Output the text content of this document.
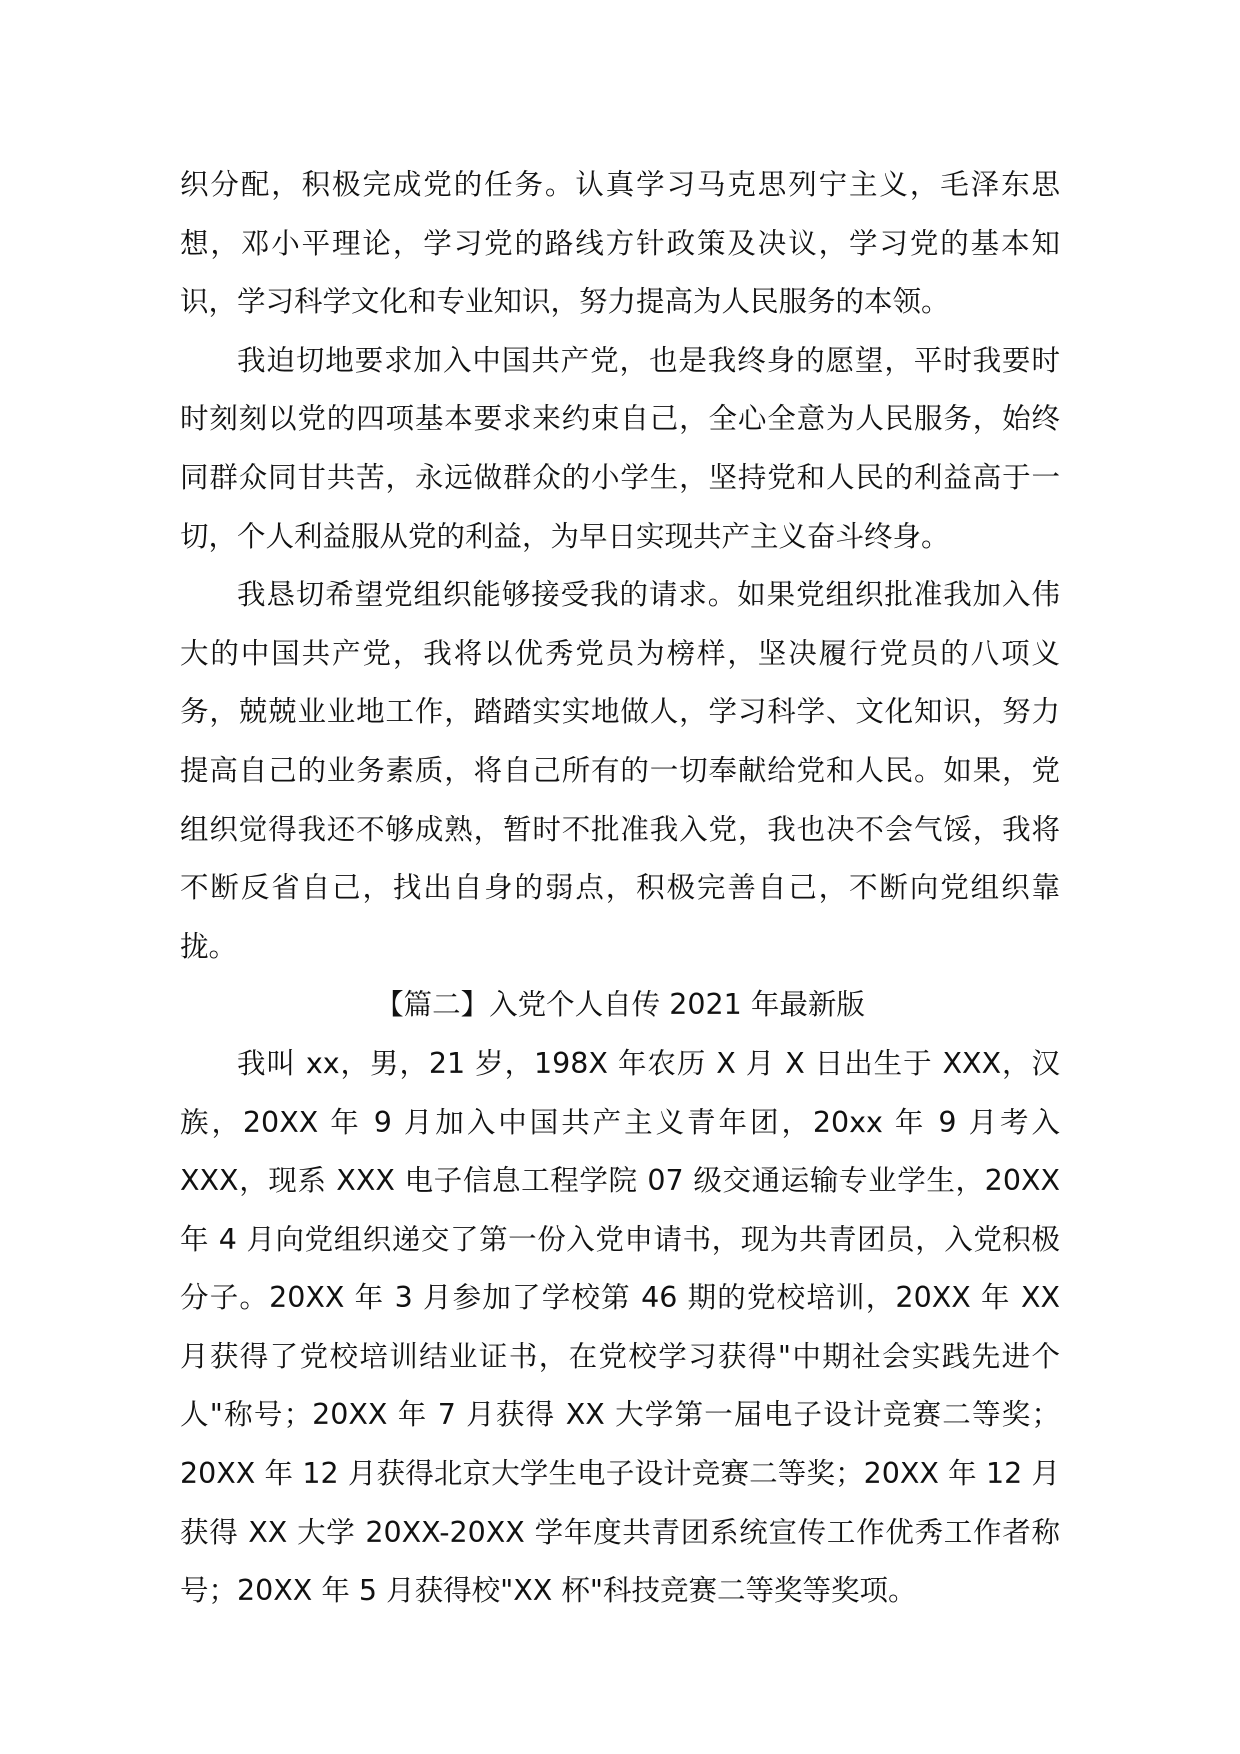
织分配，积极完成党的任务。认真学习马克思列宁主义，毛泽东思想，邓小平理论，学习党的路线方针政策及决议，学习党的基本知识，学习科学文化和专业知识，努力提高为人民服务的本领。

我迫切地要求加入中国共产党，也是我终身的愿望，平时我要时时刻刻以党的四项基本要求来约束自己，全心全意为人民服务，始终同群众同甘共苦，永远做群众的小学生，坚持党和人民的利益高于一切，个人利益服从党的利益，为早日实现共产主义奋斗终身。

我恳切希望党组织能够接受我的请求。如果党组织批准我加入伟大的中国共产党，我将以优秀党员为榜样，坚决履行党员的八项义务，兢兢业业地工作，踏踏实实地做人，学习科学、文化知识，努力提高自己的业务素质，将自己所有的一切奉献给党和人民。如果，党组织觉得我还不够成熟，暂时不批准我入党，我也决不会气馁，我将不断反省自己，找出自身的弱点，积极完善自己，不断向党组织靠拢。

【篇二】入党个人自传 2021 年最新版

我叫 xx，男，21 岁，198X 年农历 X 月 X 日出生于 XXX，汉族，20XX 年 9 月加入中国共产主义青年团，20xx 年 9 月考入 XXX，现系 XXX 电子信息工程学院 07 级交通运输专业学生，20XX 年 4 月向党组织递交了第一份入党申请书，现为共青团员，入党积极分子。20XX 年 3 月参加了学校第 46 期的党校培训，20XX 年 XX 月获得了党校培训结业证书，在党校学习获得"中期社会实践先进个人"称号；20XX 年 7 月获得 XX 大学第一届电子设计竞赛二等奖；20XX 年 12 月获得北京大学生电子设计竞赛二等奖；20XX 年 12 月获得 XX 大学 20XX-20XX 学年度共青团系统宣传工作优秀工作者称号；20XX 年 5 月获得校"XX 杯"科技竞赛二等奖等奖项。
